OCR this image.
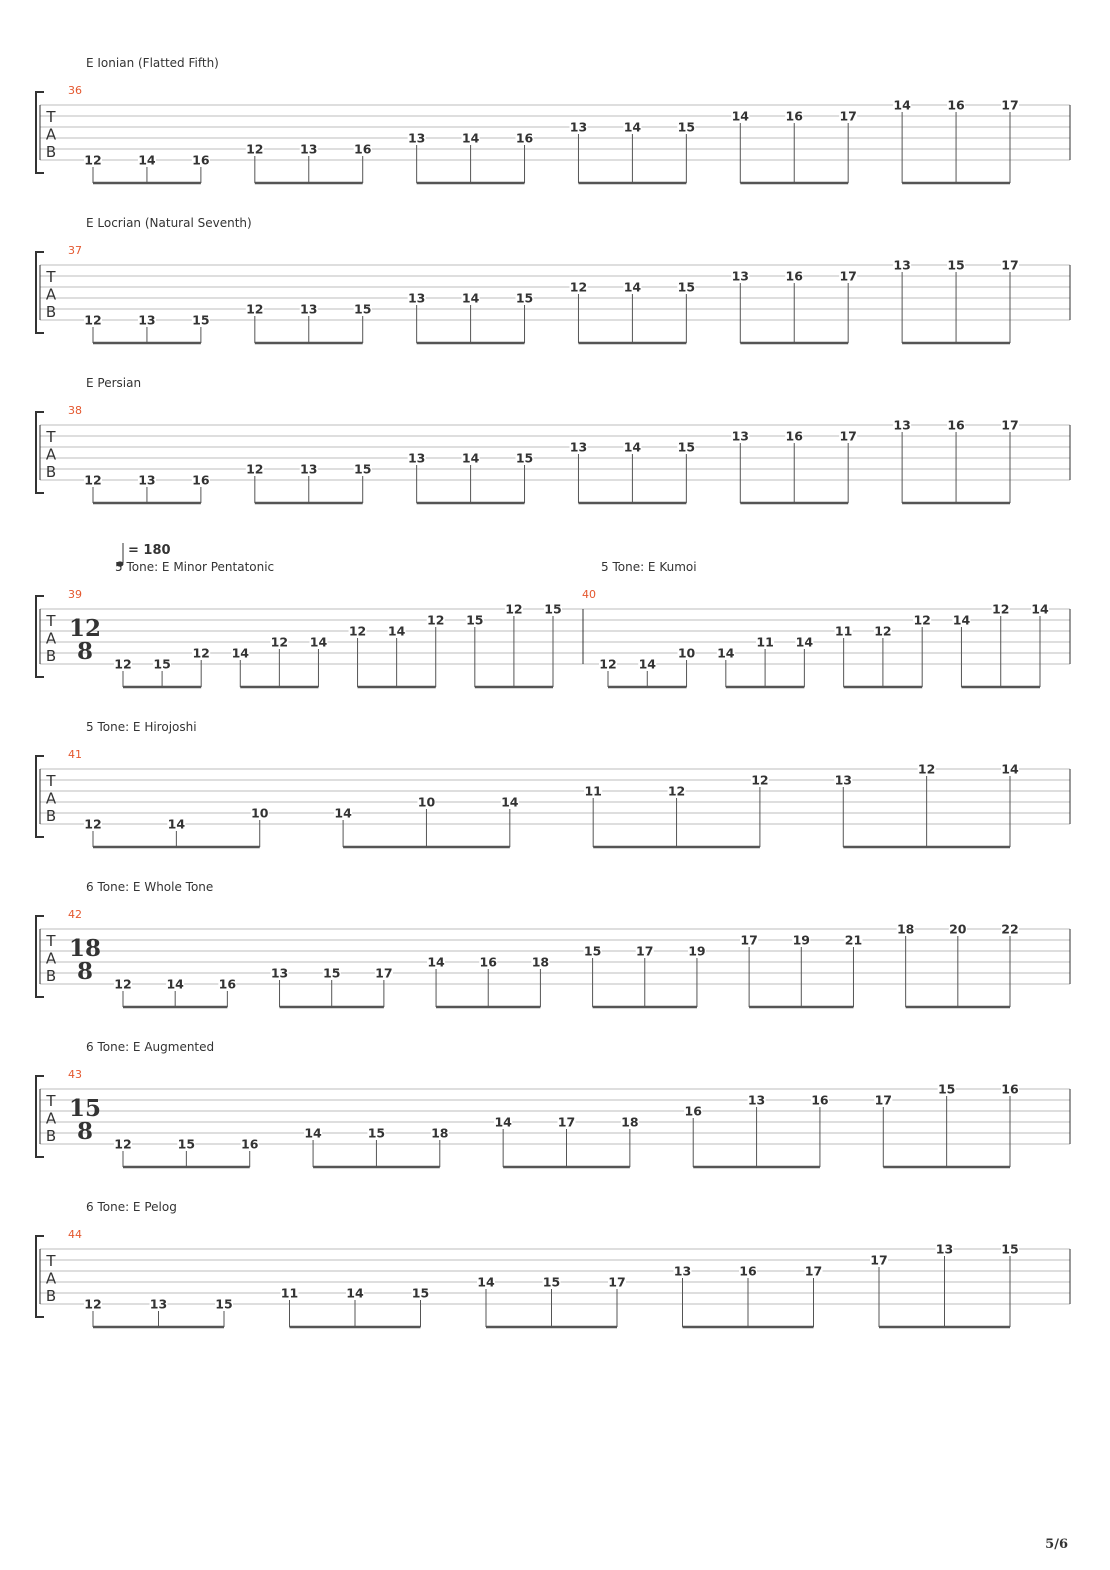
E Ionian (Flatted Fifth)
T
A
B
36
12	14	16
12	13	16
13	14	16
13	14	15
14	16	17
14	16	17
E Locrian (Natural Seventh)
T
A
B
37
12	13	15
12	13	15
13	14	15
12	14	15
13	16	17
13	15	17
E Persian
T
A
B
38
12	13	16
12	13	15
13	14	15
13	14	15
13	16	17
13	16	17
= 180
T
A
B
39
5 Tone: E Minor Pentatonic
12
8 12 15
12 14
12 14
12 14
12 15
12 15
40
5 Tone: E Kumoi
12 14
10 14
11 14
11 12
12 14
12 14
5 Tone: E Hirojoshi
T
A
B
41
12	14
10	14
10	14
11	12
12	13
12	14
6 Tone: E Whole Tone
T
A
B
42
18
8 12	14	16
13	15	17
14	16	18
15	17	19
17	19	21
18	20	22
6 Tone: E Augmented
T
A
B
43
15
8 12	15	16
14	15	18
14	17	18
16
13	16	17
15	16
6 Tone: E Pelog
T
A
B
44
12	13	15
11	14	15
14	15	17
13	16	17
17
13	15
5/6
